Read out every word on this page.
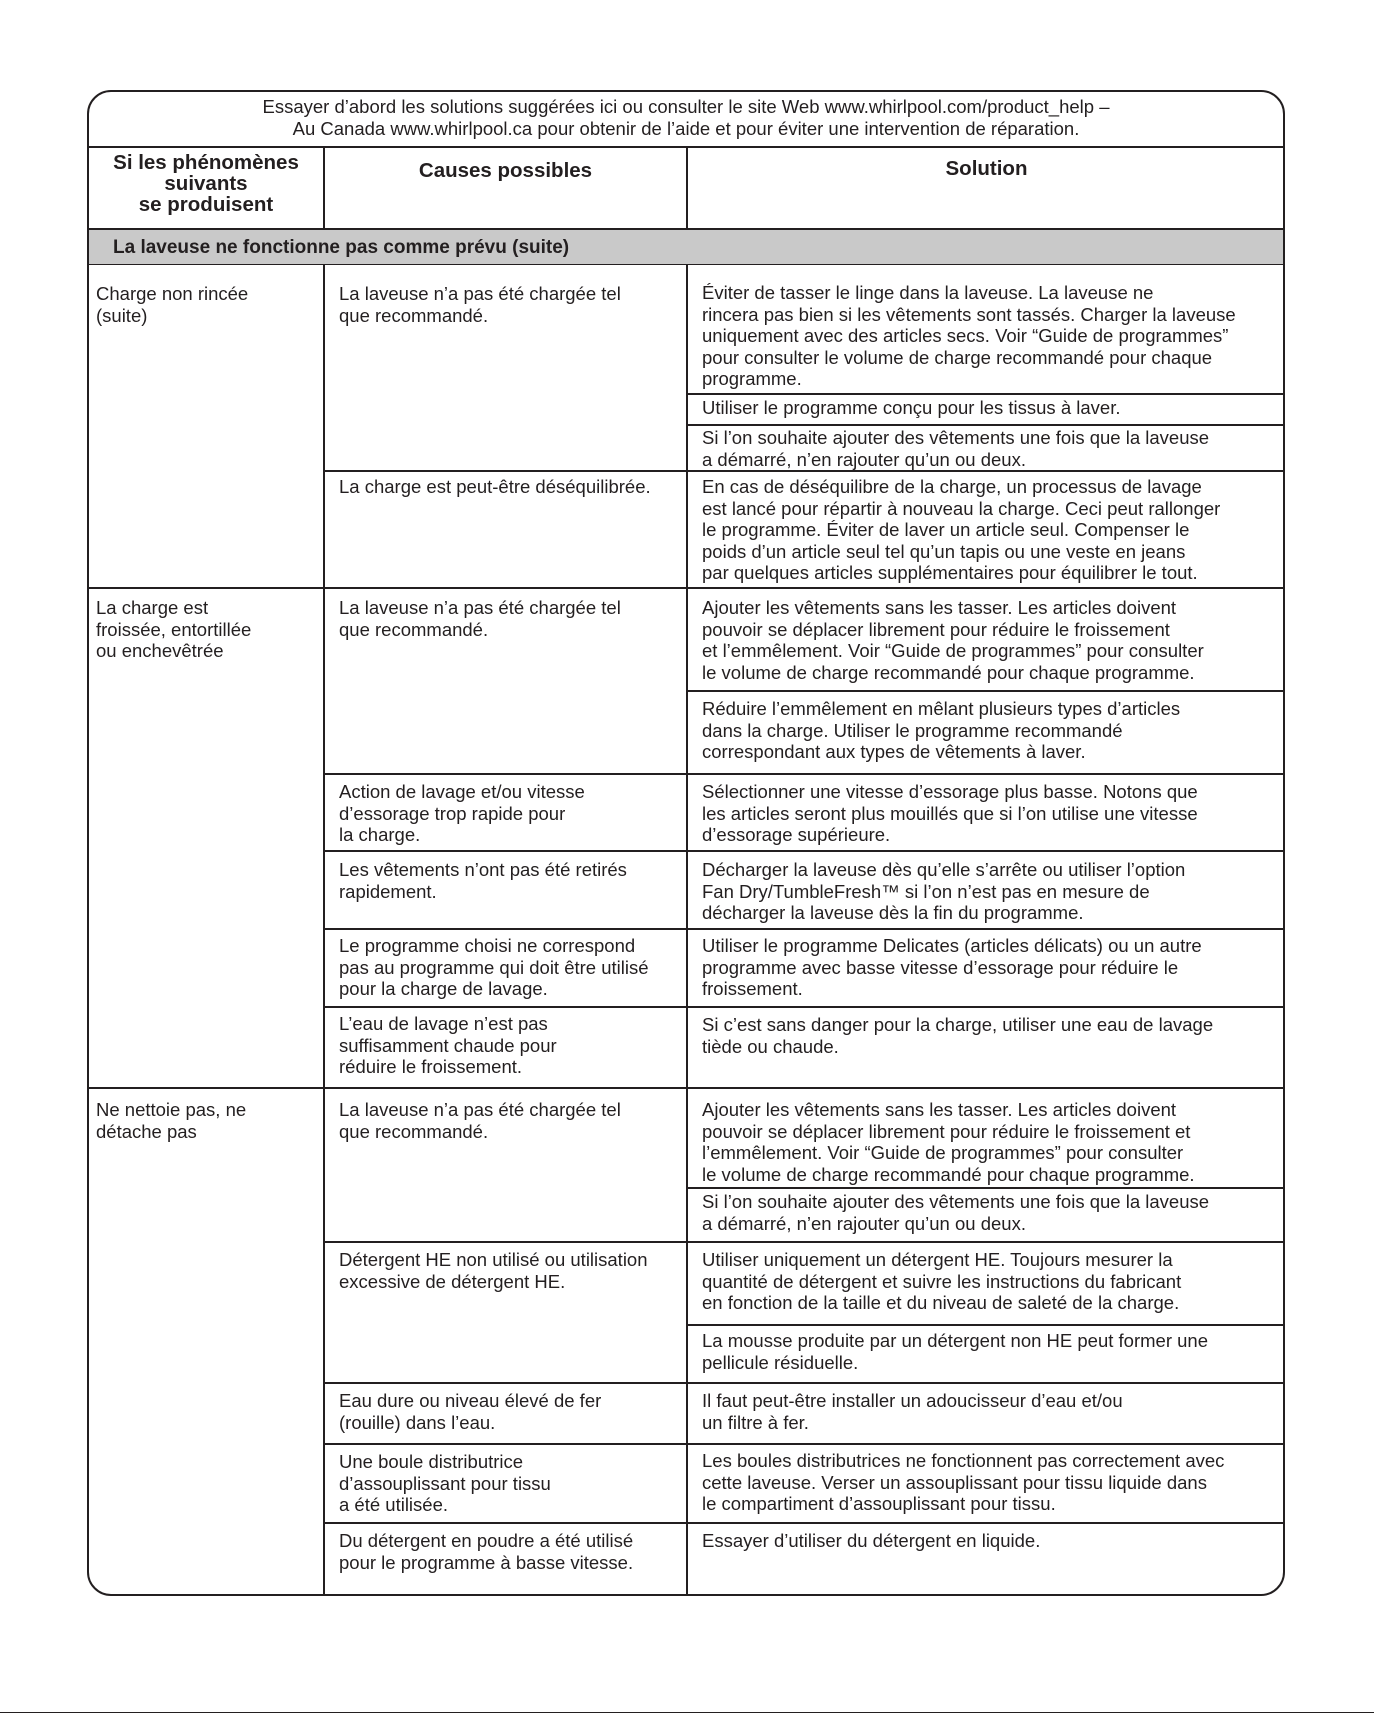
Essayer d’abord les solutions suggérées ici ou consulter le site Web www.whirlpool.com/product_help –
Au Canada www.whirlpool.ca pour obtenir de l’aide et pour éviter une intervention de réparation.
Si les phénomènes
suivants
se produisent
Causes possibles	Solution
La laveuse ne fonctionne pas comme prévu (suite)
Charge non rincée
(suite)
La laveuse n’a pas été chargée tel
que recommandé.
Éviter de tasser le linge dans la laveuse. La laveuse ne
rincera pas bien si les vêtements sont tassés. Charger la laveuse
uniquement avec des articles secs. Voir “Guide de programmes”
pour consulter le volume de charge recommandé pour chaque
programme.
Utiliser le programme conçu pour les tissus à laver.
Si l’on souhaite ajouter des vêtements une fois que la laveuse
a démarré, n’en rajouter qu’un ou deux.
La charge est peut-être déséquilibrée.	En cas de déséquilibre de la charge, un processus de lavage
est lancé pour répartir à nouveau la charge. Ceci peut rallonger
le programme. Éviter de laver un article seul. Compenser le
poids d’un article seul tel qu’un tapis ou une veste en jeans
par quelques articles supplémentaires pour équilibrer le tout.
La charge est
froissée, entortillée
ou enchevêtrée
La laveuse n’a pas été chargée tel
que recommandé.
Ajouter les vêtements sans les tasser. Les articles doivent
pouvoir se déplacer librement pour réduire le froissement
et l’emmêlement. Voir “Guide de programmes” pour consulter
le volume de charge recommandé pour chaque programme.
Réduire l’emmêlement en mêlant plusieurs types d’articles
dans la charge. Utiliser le programme recommandé
correspondant aux types de vêtements à laver.
Action de lavage et/ou vitesse
d’essorage trop rapide pour
la charge.
Sélectionner une vitesse d’essorage plus basse. Notons que
les articles seront plus mouillés que si l’on utilise une vitesse
d’essorage supérieure.
Les vêtements n’ont pas été retirés
rapidement.
Décharger la laveuse dès qu’elle s’arrête ou utiliser l’option
Fan Dry/TumbleFresh™ si l’on n’est pas en mesure de
décharger la laveuse dès la fin du programme.
Le programme choisi ne correspond
pas au programme qui doit être utilisé
pour la charge de lavage.
Utiliser le programme Delicates (articles délicats) ou un autre
programme avec basse vitesse d’essorage pour réduire le
froissement.
L’eau de lavage n’est pas
suffisamment chaude pour
réduire le froissement.
Si c’est sans danger pour la charge, utiliser une eau de lavage
tiède ou chaude.
Ne nettoie pas, ne
détache pas
La laveuse n’a pas été chargée tel
que recommandé.
Ajouter les vêtements sans les tasser. Les articles doivent
pouvoir se déplacer librement pour réduire le froissement et
l’emmêlement. Voir “Guide de programmes” pour consulter
le volume de charge recommandé pour chaque programme.
Si l’on souhaite ajouter des vêtements une fois que la laveuse
a démarré, n’en rajouter qu’un ou deux.
Détergent HE non utilisé ou utilisation
excessive de détergent HE.
Utiliser uniquement un détergent HE. Toujours mesurer la
quantité de détergent et suivre les instructions du fabricant
en fonction de la taille et du niveau de saleté de la charge.
La mousse produite par un détergent non HE peut former une
pellicule résiduelle.
Eau dure ou niveau élevé de fer
(rouille) dans l’eau.
Il faut peut-être installer un adoucisseur d’eau et/ou
un filtre à fer.
Une boule distributrice
d’assouplissant pour tissu
a été utilisée.
Les boules distributrices ne fonctionnent pas correctement avec
cette laveuse. Verser un assouplissant pour tissu liquide dans
le compartiment d’assouplissant pour tissu.
Du détergent en poudre a été utilisé
pour le programme à basse vitesse.
Essayer d’utiliser du détergent en liquide.
